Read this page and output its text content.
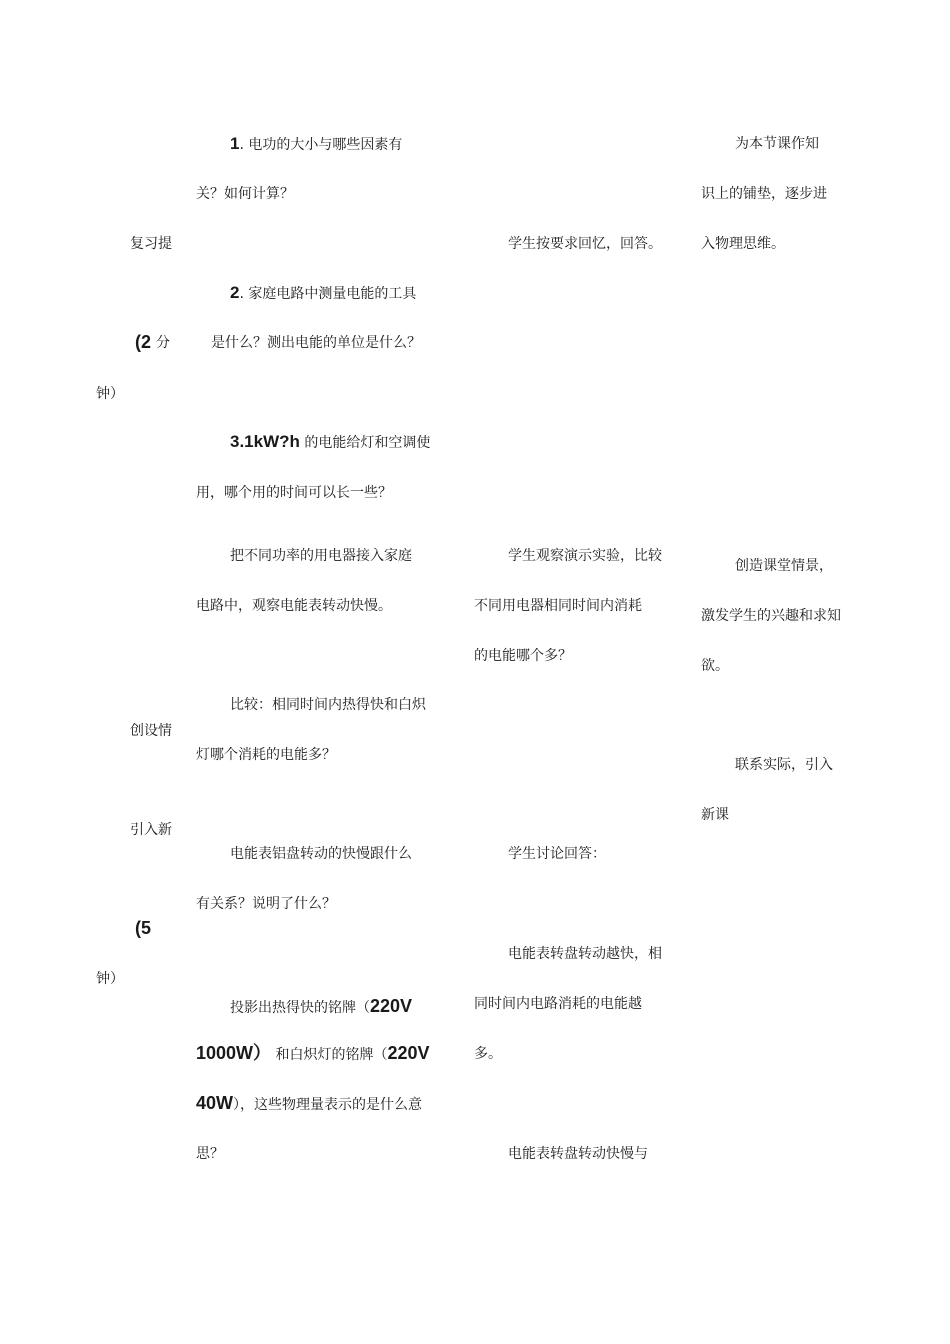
复习提
(2 分
钟）
创设情
引入新
(5
钟）
1. 电功的大小与哪些因素有
关？如何计算？
2. 家庭电路中测量电能的工具
是什么？测出电能的单位是什么？
3.1kW?h 的电能给灯和空调使
用，哪个用的时间可以长一些？
把不同功率的用电器接入家庭
电路中，观察电能表转动快慢。
比较：相同时间内热得快和白炽
灯哪个消耗的电能多？
电能表铝盘转动的快慢跟什么
有关系？说明了什么？
投影出热得快的铭牌（220V
1000W） 和白炽灯的铭牌（220V
40W），这些物理量表示的是什么意
思？
学生按要求回忆，回答。
学生观察演示实验，比较
不同用电器相同时间内消耗
的电能哪个多？
学生讨论回答：
电能表转盘转动越快，相
同时间内电路消耗的电能越
多。
电能表转盘转动快慢与
为本节课作知
识上的铺垫，逐步进
入物理思维。
创造课堂情景，
激发学生的兴趣和求知
欲。
联系实际，引入
新课
